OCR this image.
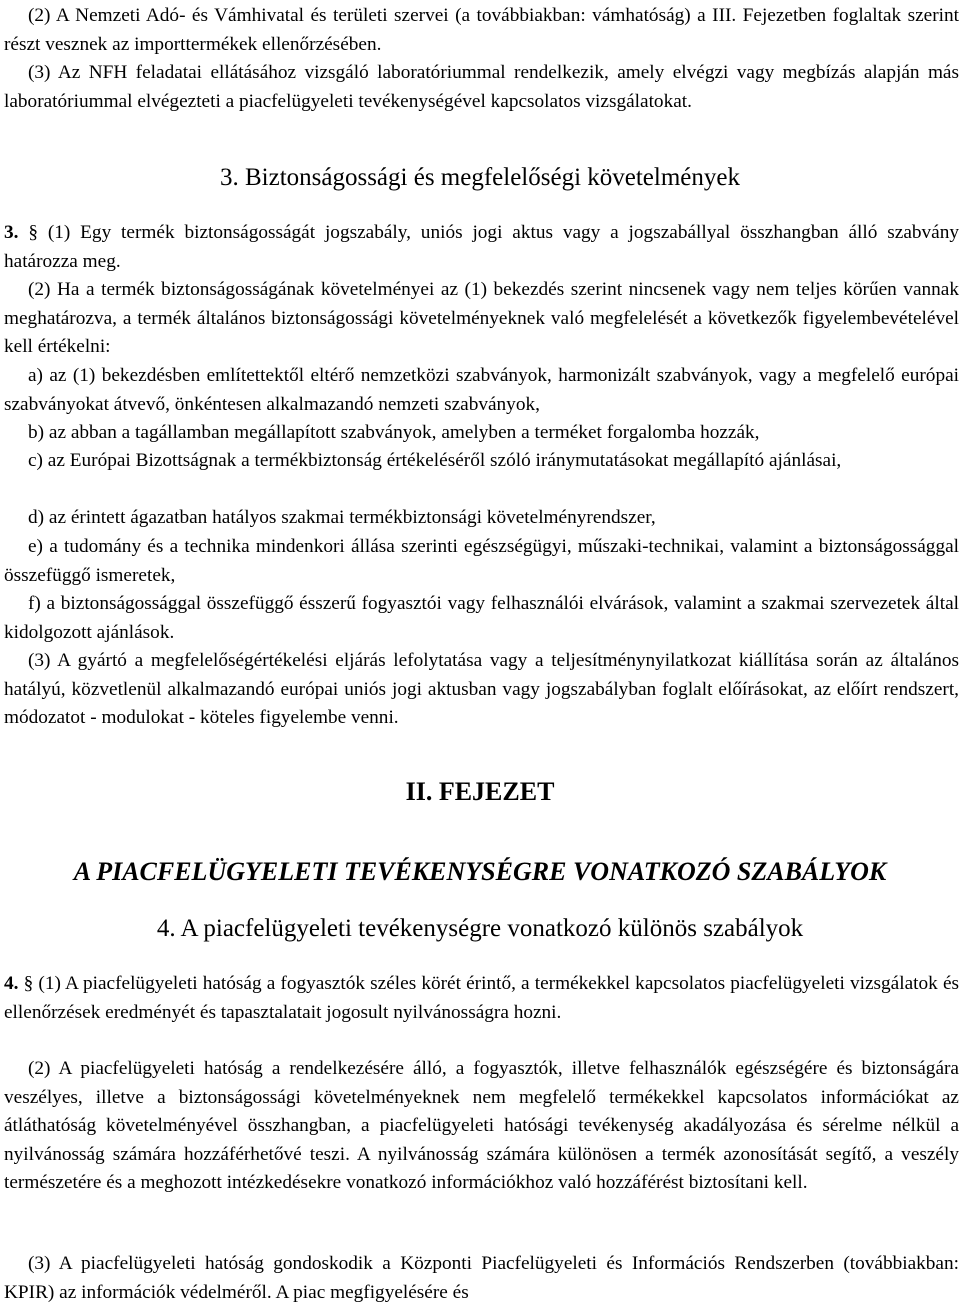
(2) A Nemzeti Adó- és Vámhivatal és területi szervei (a továbbiakban: vámhatóság) a III. Fejezetben foglaltak szerint részt vesznek az importtermékek ellenőrzésében.

(3) Az NFH feladatai ellátásához vizsgáló laboratóriummal rendelkezik, amely elvégzi vagy megbízás alapján más laboratóriummal elvégezteti a piacfelügyeleti tevékenységével kapcsolatos vizsgálatokat.

3. Biztonságossági és megfelelőségi követelmények

3. § (1) Egy termék biztonságosságát jogszabály, uniós jogi aktus vagy a jogszabállyal összhangban álló szabvány határozza meg.

(2) Ha a termék biztonságosságának követelményei az (1) bekezdés szerint nincsenek vagy nem teljes körűen vannak meghatározva, a termék általános biztonságossági követelményeknek való megfelelését a következők figyelembevételével kell értékelni:

a) az (1) bekezdésben említettektől eltérő nemzetközi szabványok, harmonizált szabványok, vagy a megfelelő európai szabványokat átvevő, önkéntesen alkalmazandó nemzeti szabványok,

b) az abban a tagállamban megállapított szabványok, amelyben a terméket forgalomba hozzák,

c) az Európai Bizottságnak a termékbiztonság értékeléséről szóló iránymutatásokat megállapító ajánlásai,

d) az érintett ágazatban hatályos szakmai termékbiztonsági követelményrendszer,

e) a tudomány és a technika mindenkori állása szerinti egészségügyi, műszaki-technikai, valamint a biztonságossággal összefüggő ismeretek,

f) a biztonságossággal összefüggő ésszerű fogyasztói vagy felhasználói elvárások, valamint a szakmai szervezetek által kidolgozott ajánlások.

(3) A gyártó a megfelelőségértékelési eljárás lefolytatása vagy a teljesítménynyilatkozat kiállítása során az általános hatályú, közvetlenül alkalmazandó európai uniós jogi aktusban vagy jogszabályban foglalt előírásokat, az előírt rendszert, módozatot - modulokat - köteles figyelembe venni.

II. FEJEZET
A PIACFELÜGYELETI TEVÉKENYSÉGRE VONATKOZÓ SZABÁLYOK
4. A piacfelügyeleti tevékenységre vonatkozó különös szabályok

4. § (1) A piacfelügyeleti hatóság a fogyasztók széles körét érintő, a termékekkel kapcsolatos piacfelügyeleti vizsgálatok és ellenőrzések eredményét és tapasztalatait jogosult nyilvánosságra hozni.

(2) A piacfelügyeleti hatóság a rendelkezésére álló, a fogyasztók, illetve felhasználók egészségére és biztonságára veszélyes, illetve a biztonságossági követelményeknek nem megfelelő termékekkel kapcsolatos információkat az átláthatóság követelményével összhangban, a piacfelügyeleti hatósági tevékenység akadályozása és sérelme nélkül a nyilvánosság számára hozzáférhetővé teszi. A nyilvánosság számára különösen a termék azonosítását segítő, a veszély természetére és a meghozott intézkedésekre vonatkozó információkhoz való hozzáférést biztosítani kell.

(3) A piacfelügyeleti hatóság gondoskodik a Központi Piacfelügyeleti és Információs Rendszerben (továbbiakban: KPIR) az információk védelméről. A piac megfigyelésére és
